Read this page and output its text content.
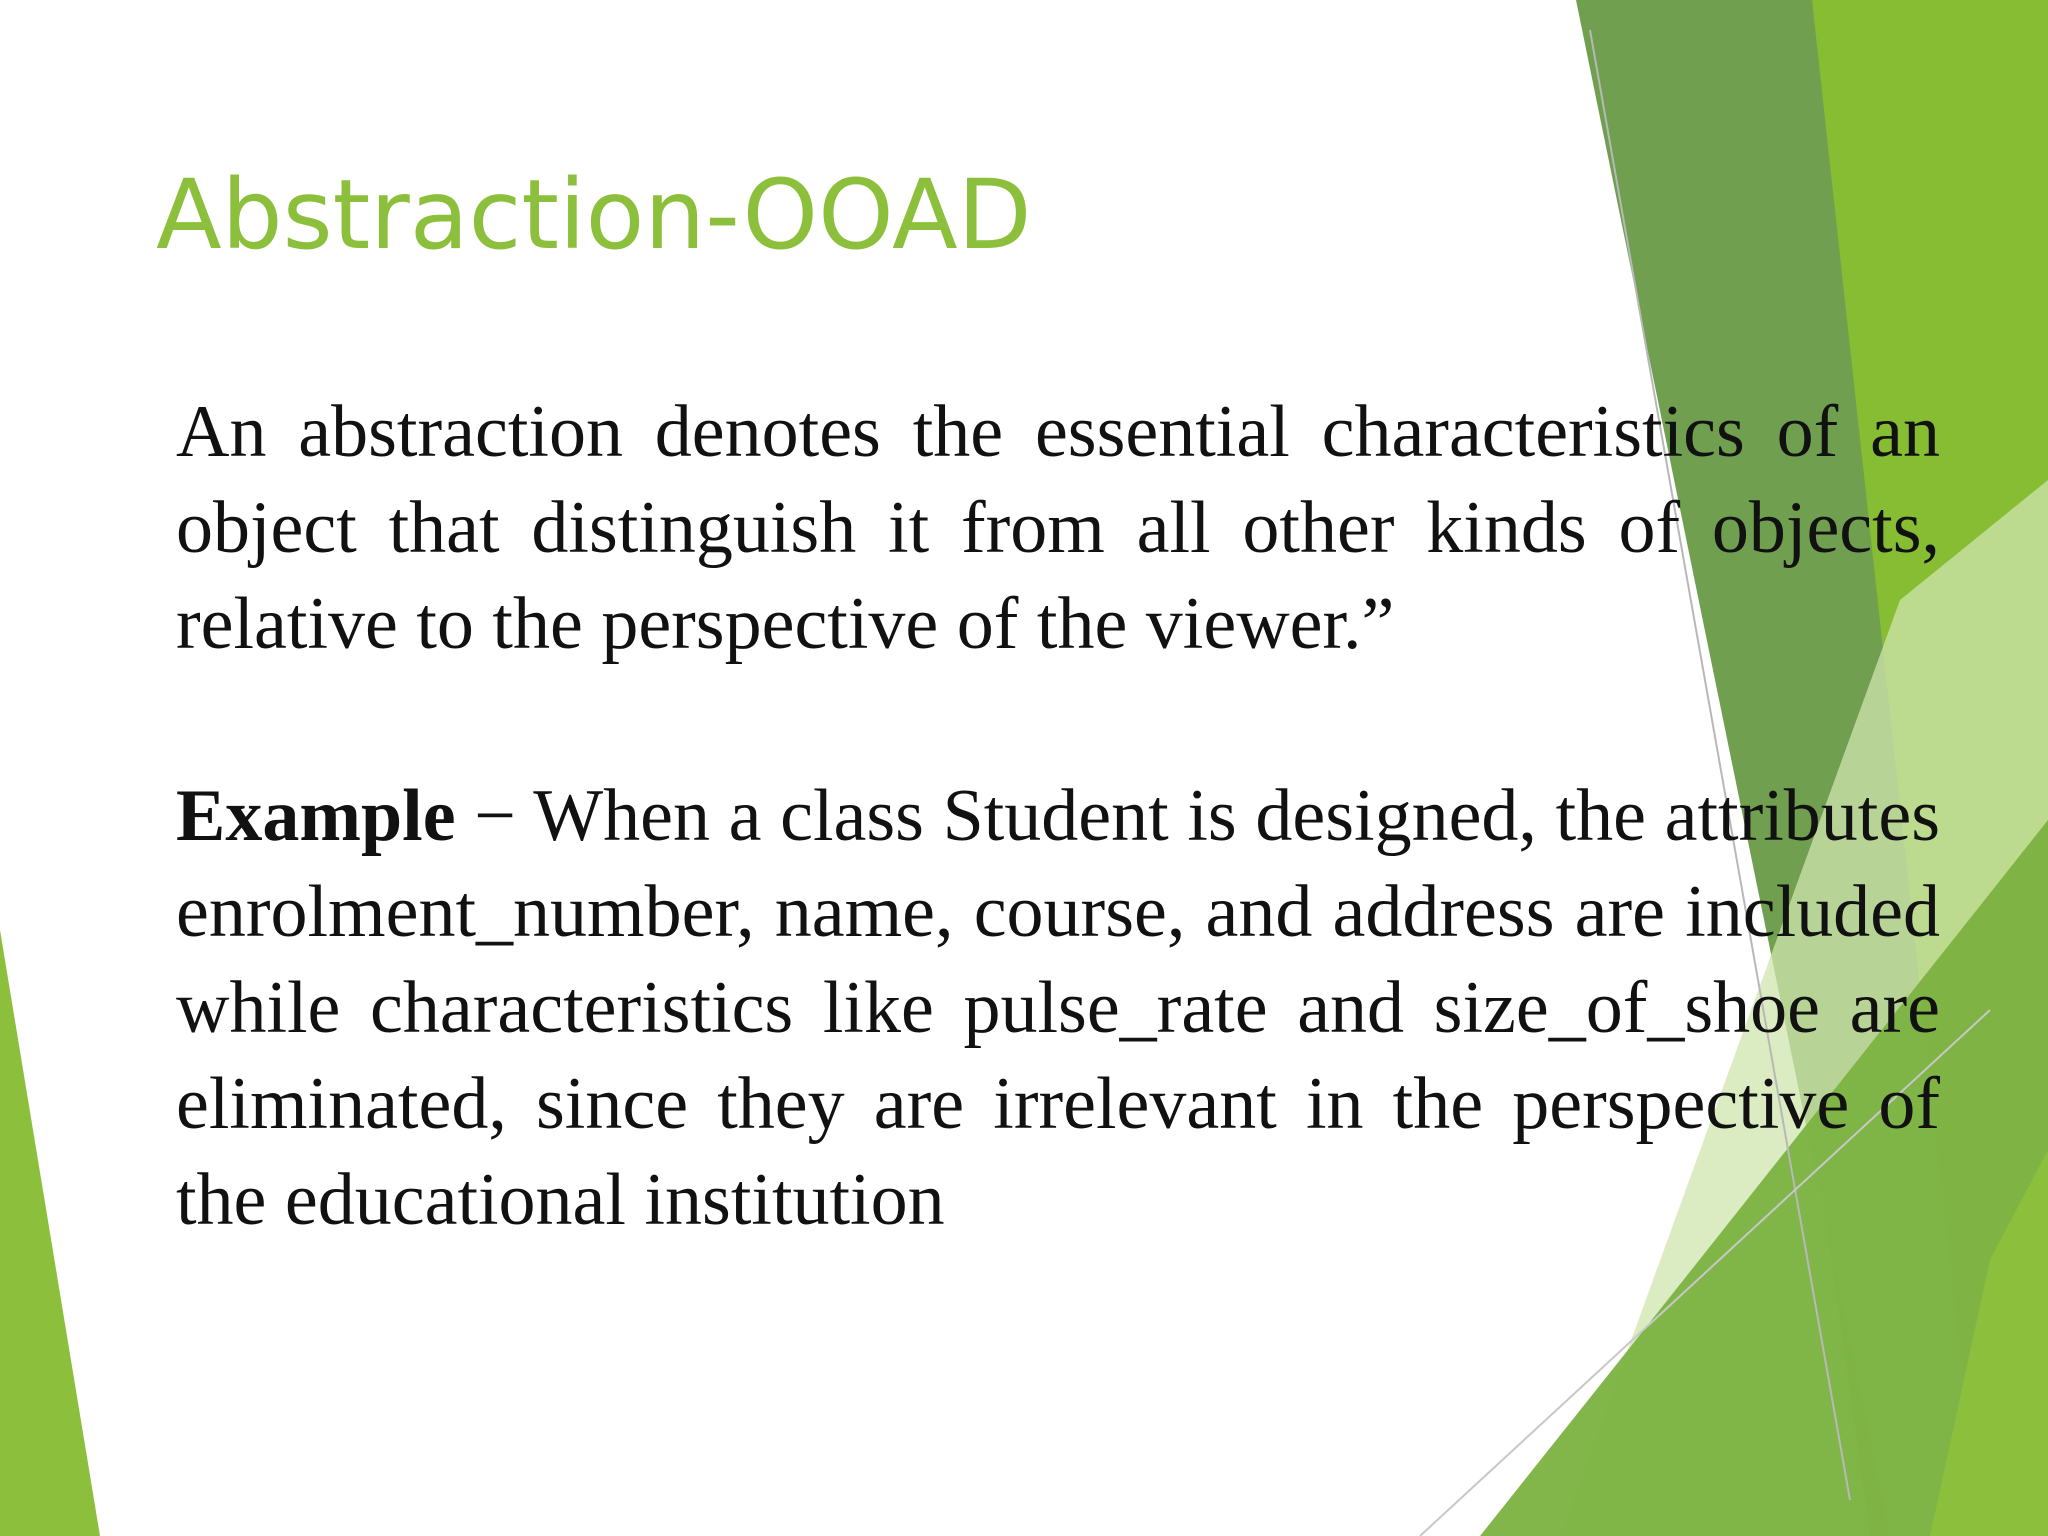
Abstraction-OOAD

An abstraction denotes the essential characteristics of an object that distinguish it from all other kinds of objects, relative to the perspective of the viewer.”

Example − When a class Student is designed, the attributes enrolment_number, name, course, and address are included while characteristics like pulse_rate and size_of_shoe are eliminated, since they are irrelevant in the perspective of the educational institution
